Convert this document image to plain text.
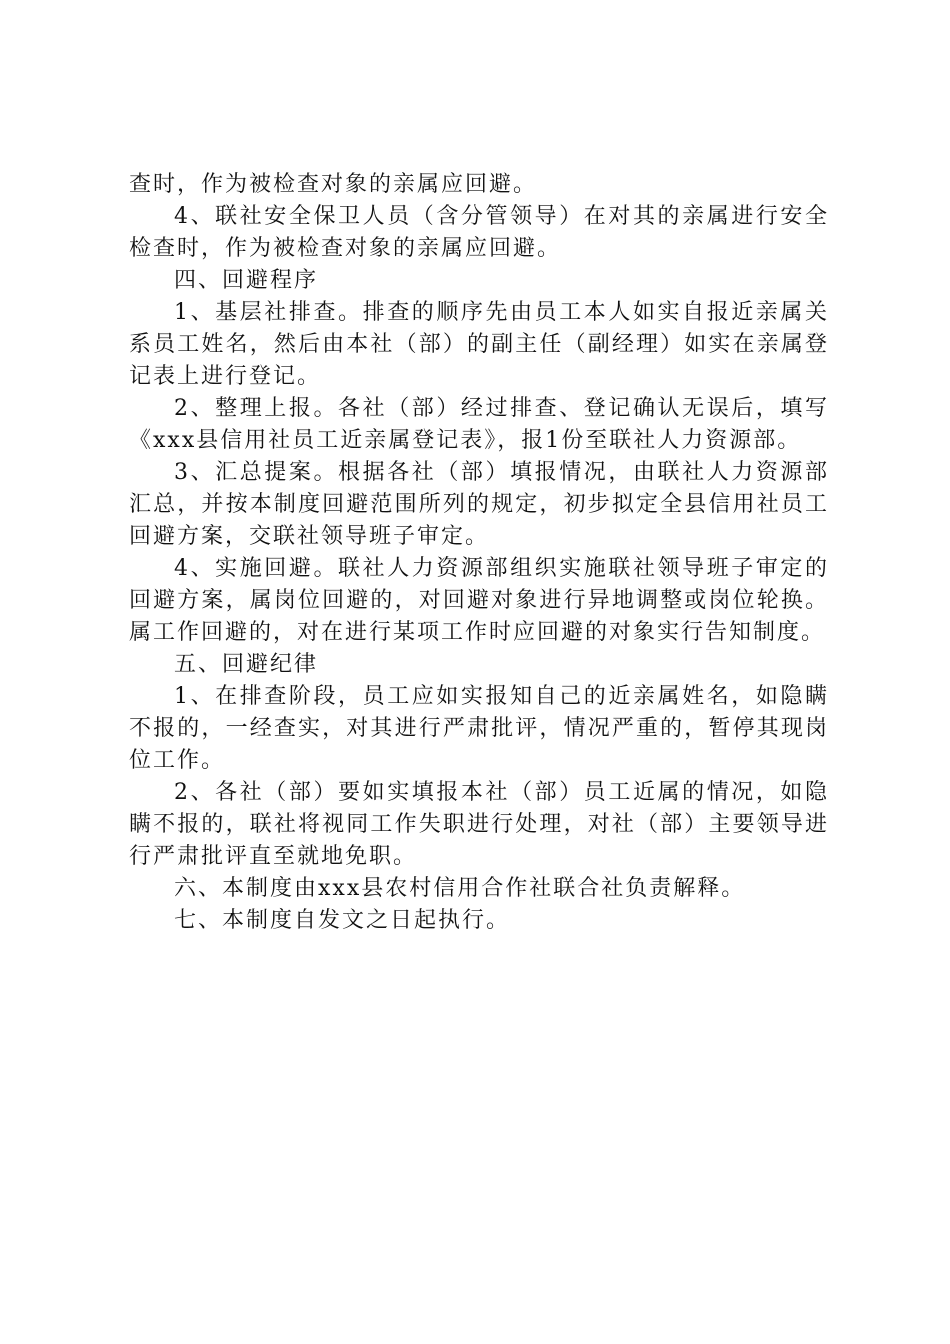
查时，作为被检查对象的亲属应回避。

4、联社安全保卫人员（含分管领导）在对其的亲属进行安全检查时，作为被检查对象的亲属应回避。

四、回避程序

1、基层社排查。排查的顺序先由员工本人如实自报近亲属关系员工姓名，然后由本社（部）的副主任（副经理）如实在亲属登记表上进行登记。

2、整理上报。各社（部）经过排查、登记确认无误后，填写《xxx县信用社员工近亲属登记表》，报1份至联社人力资源部。

3、汇总提案。根据各社（部）填报情况，由联社人力资源部汇总，并按本制度回避范围所列的规定，初步拟定全县信用社员工回避方案，交联社领导班子审定。

4、实施回避。联社人力资源部组织实施联社领导班子审定的回避方案，属岗位回避的，对回避对象进行异地调整或岗位轮换。属工作回避的，对在进行某项工作时应回避的对象实行告知制度。

五、回避纪律

1、在排查阶段，员工应如实报知自己的近亲属姓名，如隐瞒不报的，一经查实，对其进行严肃批评，情况严重的，暂停其现岗位工作。

2、各社（部）要如实填报本社（部）员工近属的情况，如隐瞒不报的，联社将视同工作失职进行处理，对社（部）主要领导进行严肃批评直至就地免职。

六、本制度由xxx县农村信用合作社联合社负责解释。

七、本制度自发文之日起执行。
